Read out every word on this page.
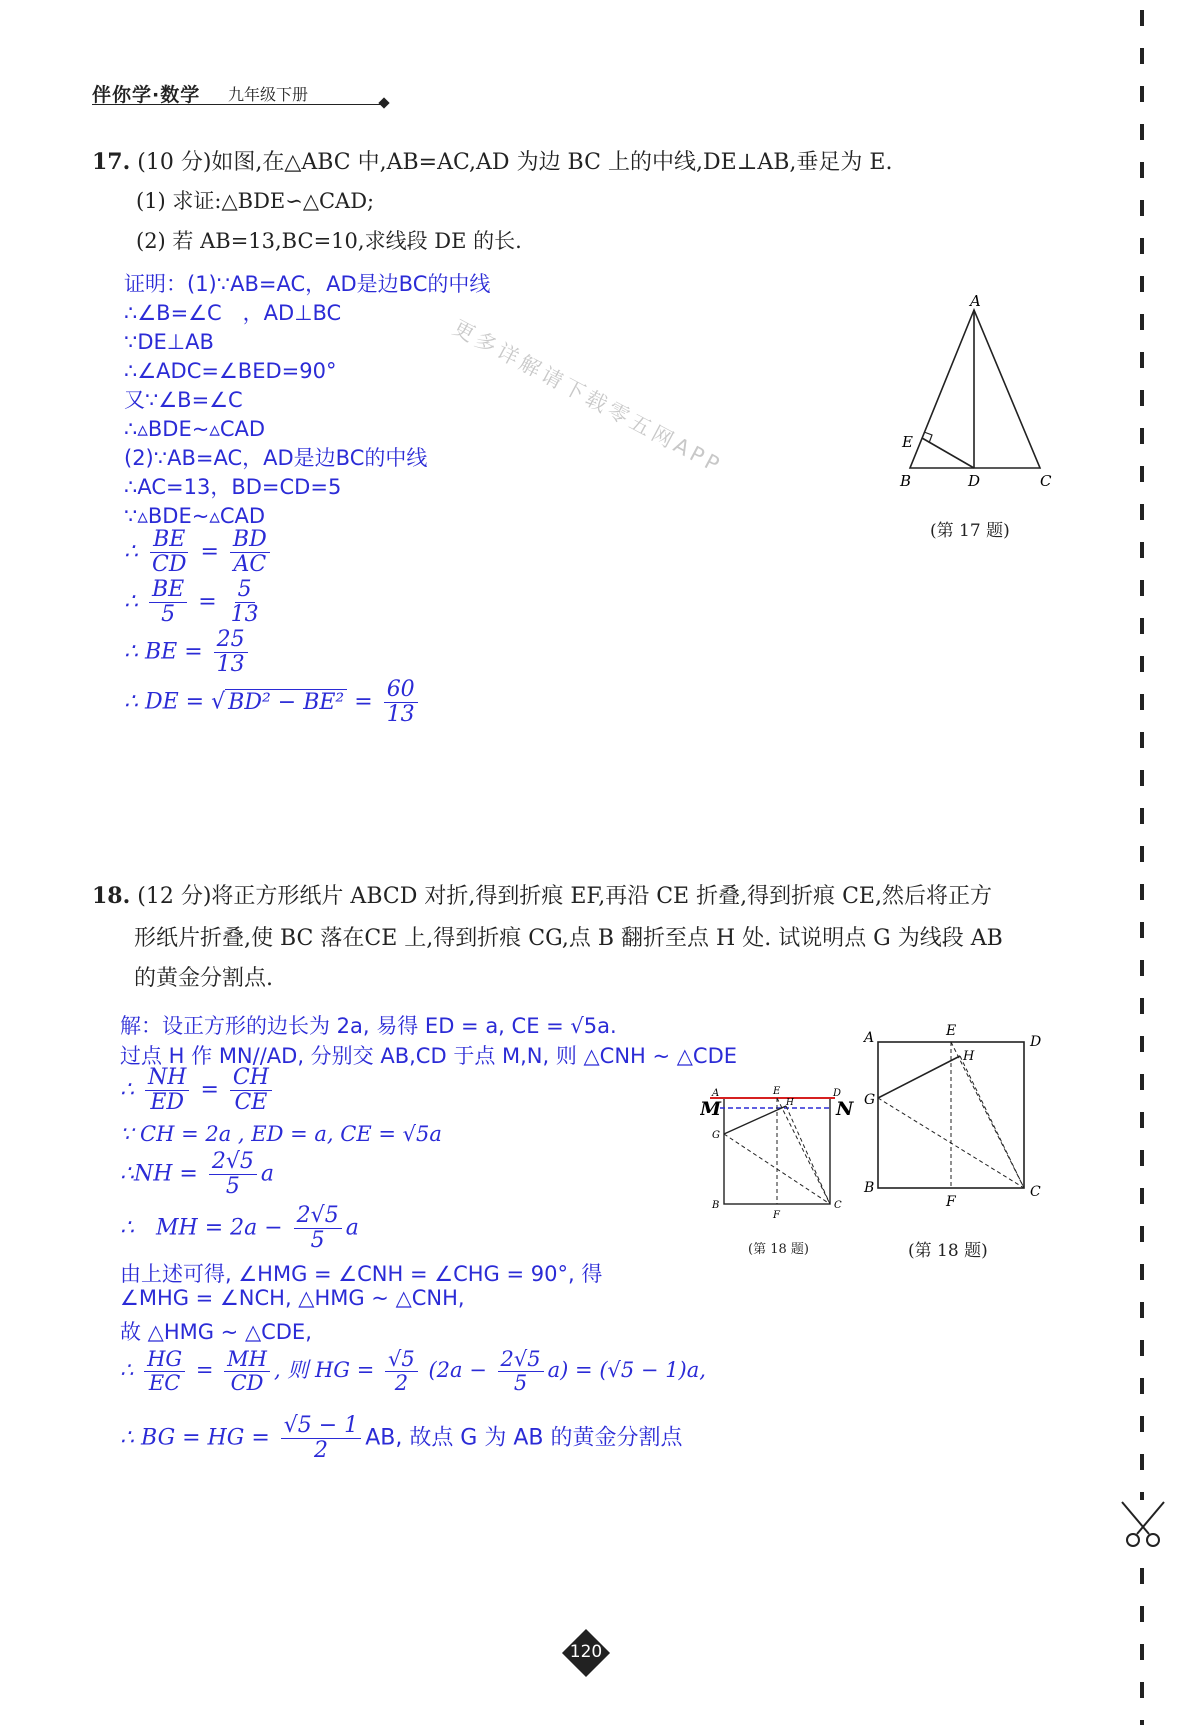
伴你学·数学 九年级下册
更多详解请下载零五网APP
17. (10 分)如图,在△ABC 中,AB=AC,AD 为边 BC 上的中线,DE⊥AB,垂足为 E.
(1) 求证:△BDE∽△CAD;
(2) 若 AB=13,BC=10,求线段 DE 的长.
证明：(1)∵AB=AC，AD是边BC的中线
∴∠B=∠C　，AD⊥BC
∵DE⊥AB
∴∠ADC=∠BED=90°
又∵∠B=∠C
∴▵BDE~▵CAD
(2)∵AB=AC，AD是边BC的中线
∴AC=13，BD=CD=5
∵▵BDE~▵CAD
∴ $\frac{BE}{CD} = \frac{BD}{AC}$
∴ $\frac{BE}{5} = \frac{5}{13}$
∴ BE = $\frac{25}{13}$
∴ DE = √ $BD^2 - BE^2 = \frac{60}{13}$
A
B	C
D
E
(第 17 题)
18. (12 分)将正方形纸片 ABCD 对折,得到折痕 EF,再沿 CE 折叠,得到折痕 CE,然后将正方
形纸片折叠,使 BC 落在CE 上,得到折痕 CG,点 B 翻折至点 H 处. 试说明点 G 为线段 AB
的黄金分割点.
解：设正方形的边长为 2a, 易得 ED = a, CE = √5a.
过点 H 作 MN//AD, 分别交 AB,CD 于点 M,N, 则 △CNH ~ △CDE
∴ $\frac{NH}{ED} = \frac{CH}{CE}$
∵ CH = 2a , ED = a, CE = √5a
∴NH = $\frac{2√5}{5}$ a
∴　MH = $2a - \frac{2√5}{5}$ a
由上述可得, ∠HMG = ∠CNH = ∠CHG = 90°, 得
∠MHG = ∠NCH, △HMG ~ △CNH,
故 △HMG ~ △CDE,
∴ $\frac{HG}{EC} = \frac{MH}{CD}$ , 则 HG = $\frac{√5}{2} (2a - \frac{2√5}{5} a) = (√5 - 1)a$,
∴ BG = HG = $\frac{√5 - 1}{2}$ AB, 故点 G 为 AB 的黄金分割点
A	D
E
H
G
B
F
C
M	N
(第 18 题)
A	D
E
H
G
B
F
C
(第 18 题)
120
